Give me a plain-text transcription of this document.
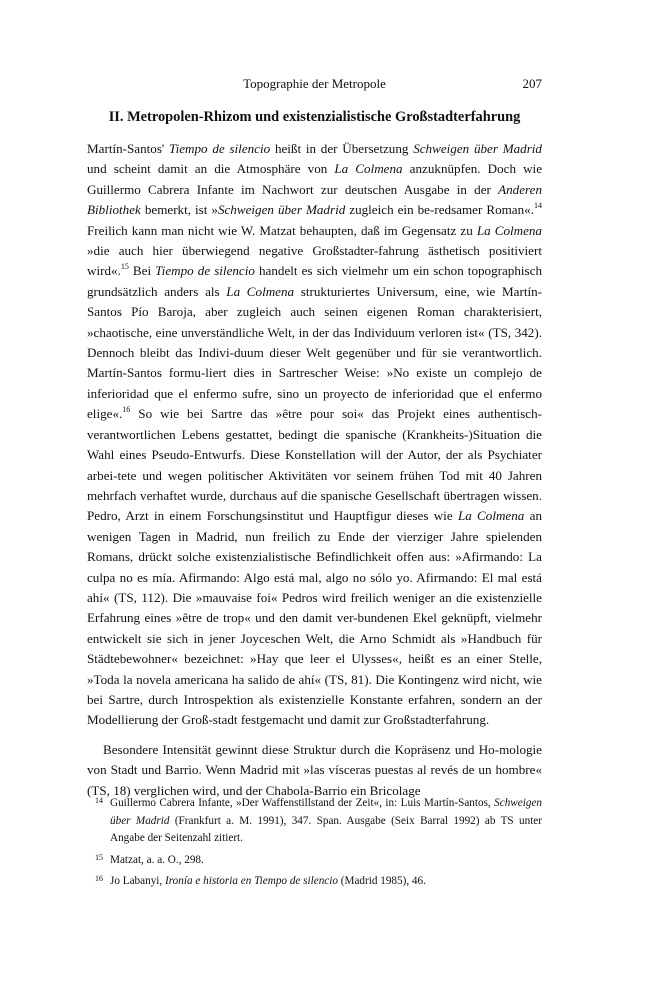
Topographie der Metropole	207
II. Metropolen-Rhizom und existenzialistische Großstadterfahrung

Martín-Santos' Tiempo de silencio heißt in der Übersetzung Schweigen über Madrid und scheint damit an die Atmosphäre von La Colmena anzuknüpfen. Doch wie Guillermo Cabrera Infante im Nachwort zur deutschen Ausgabe in der Anderen Bibliothek bemerkt, ist »Schweigen über Madrid zugleich ein be-redsamer Roman«.$^{14}$ Freilich kann man nicht wie W. Matzat behaupten, daß im Gegensatz zu La Colmena »die auch hier überwiegend negative Großstadter-fahrung ästhetisch positiviert wird«.$^{15}$ Bei Tiempo de silencio handelt es sich vielmehr um ein schon topographisch grundsätzlich anders als La Colmena strukturiertes Universum, eine, wie Martín-Santos Pío Baroja, aber zugleich auch seinen eigenen Roman charakterisiert, »chaotische, eine unverständliche Welt, in der das Individuum verloren ist« (TS, 342). Dennoch bleibt das Indivi-duum dieser Welt gegenüber und für sie verantwortlich. Martín-Santos formu-liert dies in Sartrescher Weise: »No existe un complejo de inferioridad que el enfermo sufre, sino un proyecto de inferioridad que el enfermo elige«.$^{16}$ So wie bei Sartre das »être pour soi« das Projekt eines authentisch-verantwortlichen Lebens gestattet, bedingt die spanische (Krankheits-)Situation die Wahl eines Pseudo-Entwurfs. Diese Konstellation will der Autor, der als Psychiater arbei-tete und wegen politischer Aktivitäten vor seinem frühen Tod mit 40 Jahren mehrfach verhaftet wurde, durchaus auf die spanische Gesellschaft übertragen wissen. Pedro, Arzt in einem Forschungsinstitut und Hauptfigur dieses wie La Colmena an wenigen Tagen in Madrid, nun freilich zu Ende der vierziger Jahre spielenden Romans, drückt solche existenzialistische Befindlichkeit offen aus: »Afirmando: La culpa no es mía. Afirmando: Algo está mal, algo no sólo yo. Afirmando: El mal está ahí« (TS, 112). Die »mauvaise foi« Pedros wird freilich weniger an die existenzielle Erfahrung eines »être de trop« und den damit ver-bundenen Ekel geknüpft, vielmehr entwickelt sie sich in jener Joyceschen Welt, die Arno Schmidt als »Handbuch für Städtebewohner« bezeichnet: »Hay que leer el Ulysses«, heißt es an einer Stelle, »Toda la novela americana ha salido de ahí« (TS, 81). Die Kontingenz wird nicht, wie bei Sartre, durch Introspektion als existenzielle Konstante erfahren, sondern an der Modellierung der Groß-stadt festgemacht und damit zur Großstadterfahrung.

Besondere Intensität gewinnt diese Struktur durch die Kopräsenz und Ho-mologie von Stadt und Barrio. Wenn Madrid mit »las vísceras puestas al revés de un hombre« (TS, 18) verglichen wird, und der Chabola-Barrio ein Bricolage

14 Guillermo Cabrera Infante, »Der Waffenstillstand der Zeit«, in: Luis Martín-Santos, Schweigen über Madrid (Frankfurt a. M. 1991), 347. Span. Ausgabe (Seix Barral 1992) ab TS unter Angabe der Seitenzahl zitiert.
15 Matzat, a. a. O., 298.
16 Jo Labanyi, Ironía e historia en Tiempo de silencio (Madrid 1985), 46.
